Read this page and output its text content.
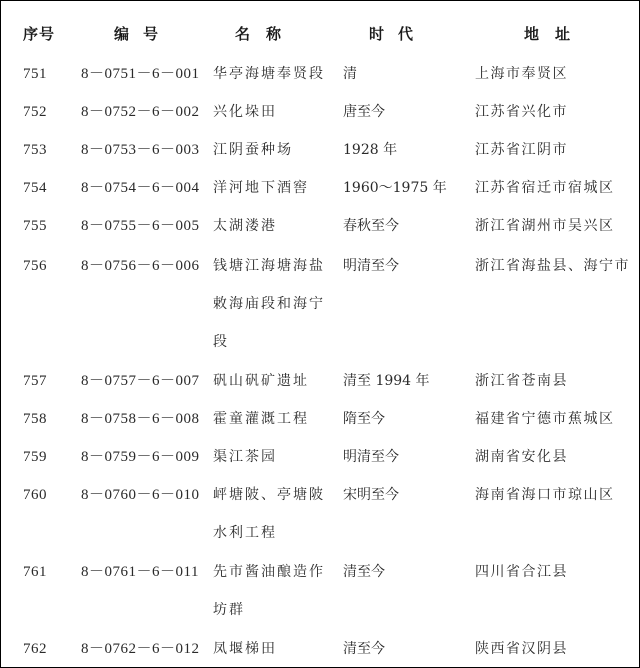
序号	编号	名称	时代	地址
751	8－0751－6－001 华亭海塘奉贤段	清	上海市奉贤区
752	8－0752－6－002 兴化垛田	唐至今	江苏省兴化市
753	8－0753－6－003 江阴蚕种场	1928 年	江苏省江阴市
754	8－0754－6－004 洋河地下酒窖	1960～1975 年	江苏省宿迁市宿城区
755	8－0755－6－005 太湖溇港	春秋至今	浙江省湖州市吴兴区
756	8－0756－6－006 钱塘江海塘海盐	明清至今	浙江省海盐县、海宁市
敕海庙段和海宁
段
757	8－0757－6－007 矾山矾矿遗址	清至 1994 年	浙江省苍南县
758	8－0758－6－008 霍童灌溉工程	隋至今	福建省宁德市蕉城区
759	8－0759－6－009 渠江茶园	明清至今	湖南省安化县
760	8－0760－6－010 岼塘陂、亭塘陂	宋明至今	海南省海口市琼山区
水利工程
761	8－0761－6－011	先市酱油酿造作	清至今	四川省合江县
坊群
762	8－0762－6－012 凤堰梯田	清至今	陕西省汉阴县
